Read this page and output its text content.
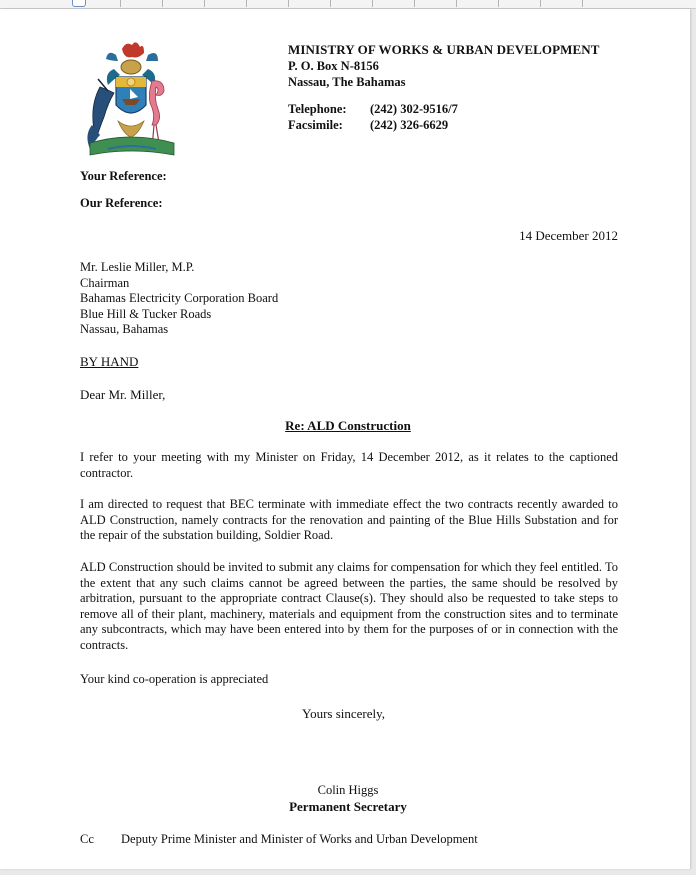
MINISTRY OF WORKS & URBAN DEVELOPMENT
P. O. Box N-8156
Nassau, The Bahamas
Telephone:	(242) 302-9516/7
Facsimile:	(242) 326-6629
Your Reference:
Our Reference:
14 December 2012
Mr. Leslie Miller, M.P.
Chairman
Bahamas Electricity Corporation Board
Blue Hill & Tucker Roads
Nassau, Bahamas
BY HAND
Dear Mr. Miller,
Re: ALD Construction
I refer to your meeting with my Minister on Friday, 14 December 2012, as it relates to the captioned contractor.
I am directed to request that BEC terminate with immediate effect the two contracts recently awarded to ALD Construction, namely contracts for the renovation and painting of the Blue Hills Substation and for the repair of the substation building, Soldier Road.
ALD Construction should be invited to submit any claims for compensation for which they feel entitled. To the extent that any such claims cannot be agreed between the parties, the same should be resolved by arbitration, pursuant to the appropriate contract Clause(s). They should also be requested to take steps to remove all of their plant, machinery, materials and equipment from the construction sites and to terminate any subcontracts, which may have been entered into by them for the purposes of or in connection with the contracts.
Your kind co-operation is appreciated
Yours sincerely,
Colin Higgs
Permanent Secretary
Cc Deputy Prime Minister and Minister of Works and Urban Development
